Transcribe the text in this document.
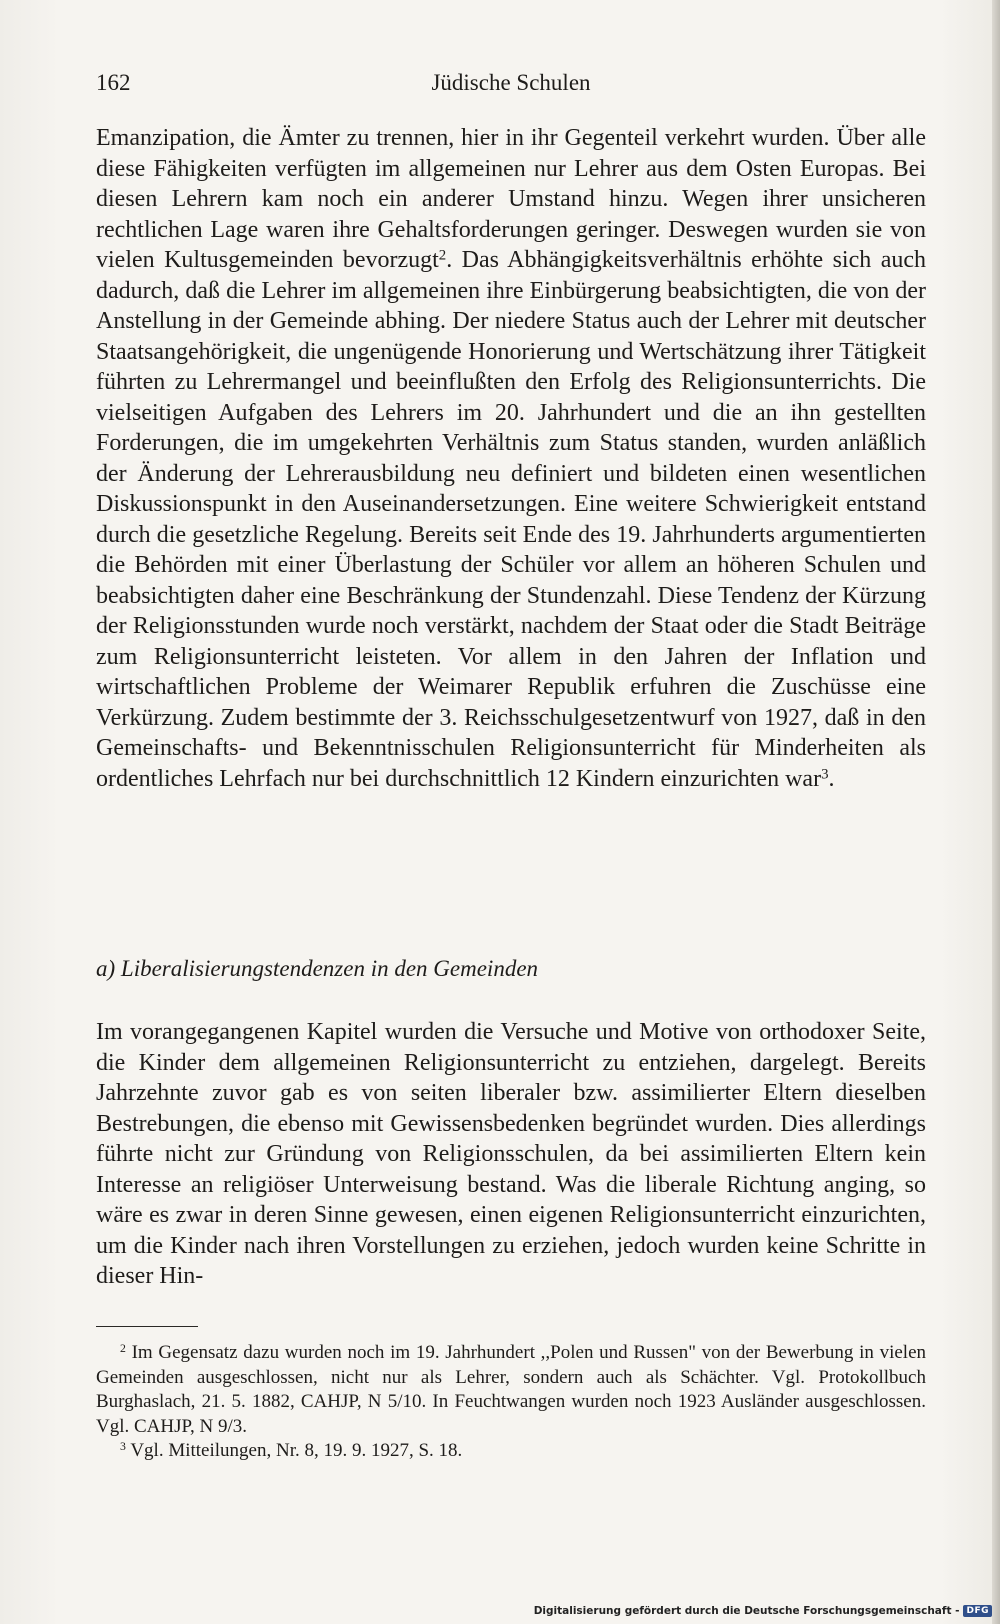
162	Jüdische Schulen

Emanzipation, die Ämter zu trennen, hier in ihr Gegenteil verkehrt wurden. Über alle diese Fähigkeiten verfügten im allgemeinen nur Lehrer aus dem Osten Europas. Bei diesen Lehrern kam noch ein anderer Umstand hinzu. Wegen ihrer unsicheren rechtlichen Lage waren ihre Gehaltsforderungen geringer. Deswegen wurden sie von vielen Kultusgemeinden bevorzugt$^2$. Das Abhängigkeitsverhältnis erhöhte sich auch dadurch, daß die Lehrer im allgemeinen ihre Einbürgerung beabsichtigten, die von der Anstellung in der Gemeinde abhing. Der niedere Status auch der Lehrer mit deutscher Staatsangehörigkeit, die ungenügende Honorierung und Wertschätzung ihrer Tätigkeit führten zu Lehrermangel und beeinflußten den Erfolg des Religionsunterrichts. Die vielseitigen Aufgaben des Lehrers im 20. Jahrhundert und die an ihn gestellten Forderungen, die im umgekehrten Verhältnis zum Status standen, wurden anläßlich der Änderung der Lehrerausbildung neu definiert und bildeten einen wesentlichen Diskussionspunkt in den Auseinandersetzungen. Eine weitere Schwierigkeit entstand durch die gesetzliche Regelung. Bereits seit Ende des 19. Jahrhunderts argumentierten die Behörden mit einer Überlastung der Schüler vor allem an höheren Schulen und beabsichtigten daher eine Beschränkung der Stundenzahl. Diese Tendenz der Kürzung der Religionsstunden wurde noch verstärkt, nachdem der Staat oder die Stadt Beiträge zum Religionsunterricht leisteten. Vor allem in den Jahren der Inflation und wirtschaftlichen Probleme der Weimarer Republik erfuhren die Zuschüsse eine Verkürzung. Zudem bestimmte der 3. Reichsschulgesetzentwurf von 1927, daß in den Gemeinschafts- und Bekenntnisschulen Religionsunterricht für Minderheiten als ordentliches Lehrfach nur bei durchschnittlich 12 Kindern einzurichten war$^3$.

a) Liberalisierungstendenzen in den Gemeinden

Im vorangegangenen Kapitel wurden die Versuche und Motive von orthodoxer Seite, die Kinder dem allgemeinen Religionsunterricht zu entziehen, dargelegt. Bereits Jahrzehnte zuvor gab es von seiten liberaler bzw. assimilierter Eltern dieselben Bestrebungen, die ebenso mit Gewissensbedenken begründet wurden. Dies allerdings führte nicht zur Gründung von Religionsschulen, da bei assimilierten Eltern kein Interesse an religiöser Unterweisung bestand. Was die liberale Richtung anging, so wäre es zwar in deren Sinne gewesen, einen eigenen Religionsunterricht einzurichten, um die Kinder nach ihren Vorstellungen zu erziehen, jedoch wurden keine Schritte in dieser Hin-

$^2$ Im Gegensatz dazu wurden noch im 19. Jahrhundert ,,Polen und Russen" von der Bewerbung in vielen Gemeinden ausgeschlossen, nicht nur als Lehrer, sondern auch als Schächter. Vgl. Protokollbuch Burghaslach, 21. 5. 1882, CAHJP, N 5/10. In Feuchtwangen wurden noch 1923 Ausländer ausgeschlossen. Vgl. CAHJP, N 9/3.

$^3$ Vgl. Mitteilungen, Nr. 8, 19. 9. 1927, S. 18.

Digitalisierung gefördert durch die Deutsche Forschungsgemeinschaft - DFG
